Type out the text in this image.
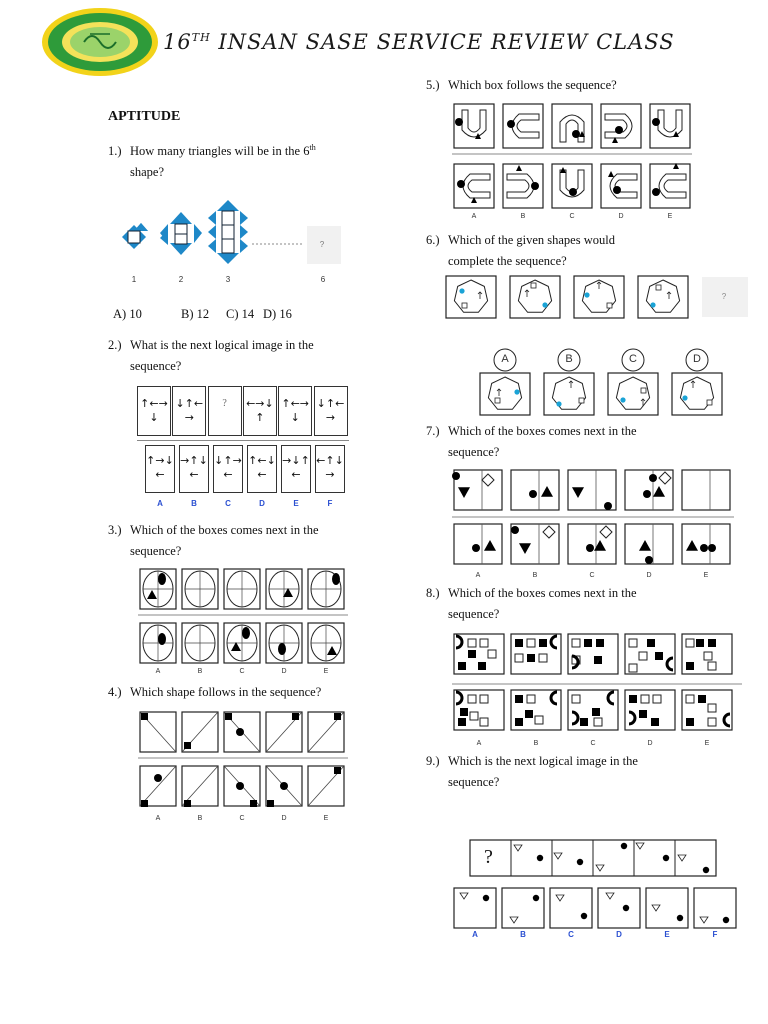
16TH INSAN SASE SERVICE REVIEW CLASS
APTITUDE
1.) How many triangles will be in the 6th
shape?
?
1	2	3	6
A) 10	B) 12 C) 14 D) 16
2.) What is the next logical image in the
sequence?
3.) Which of the boxes comes next in the
sequence?
4.) Which shape follows in the sequence?
5.) Which box follows the sequence?
6.) Which of the given shapes would
complete the sequence?
?
7.) Which of the boxes comes next in the
sequence?
8.) Which of the boxes comes next in the
sequence?
9.) Which is the next logical image in the
sequence?
?
↑←→
↓
↓↑←
→
?	←→↓
↑
↑←→
↓
↓↑←
→
↑→↓
←
A
→↑↓
←
B
↓↑→
←
C
↑←↓
←
D
→↓↑
←
E
←↑↓
→
F
A	B	C	D	E
A	B	C	D	E
A	B	C	D	E
A	B	C	D
A	B	C	D	E
A	B	C	D	E
A	B	C	D	E	F
